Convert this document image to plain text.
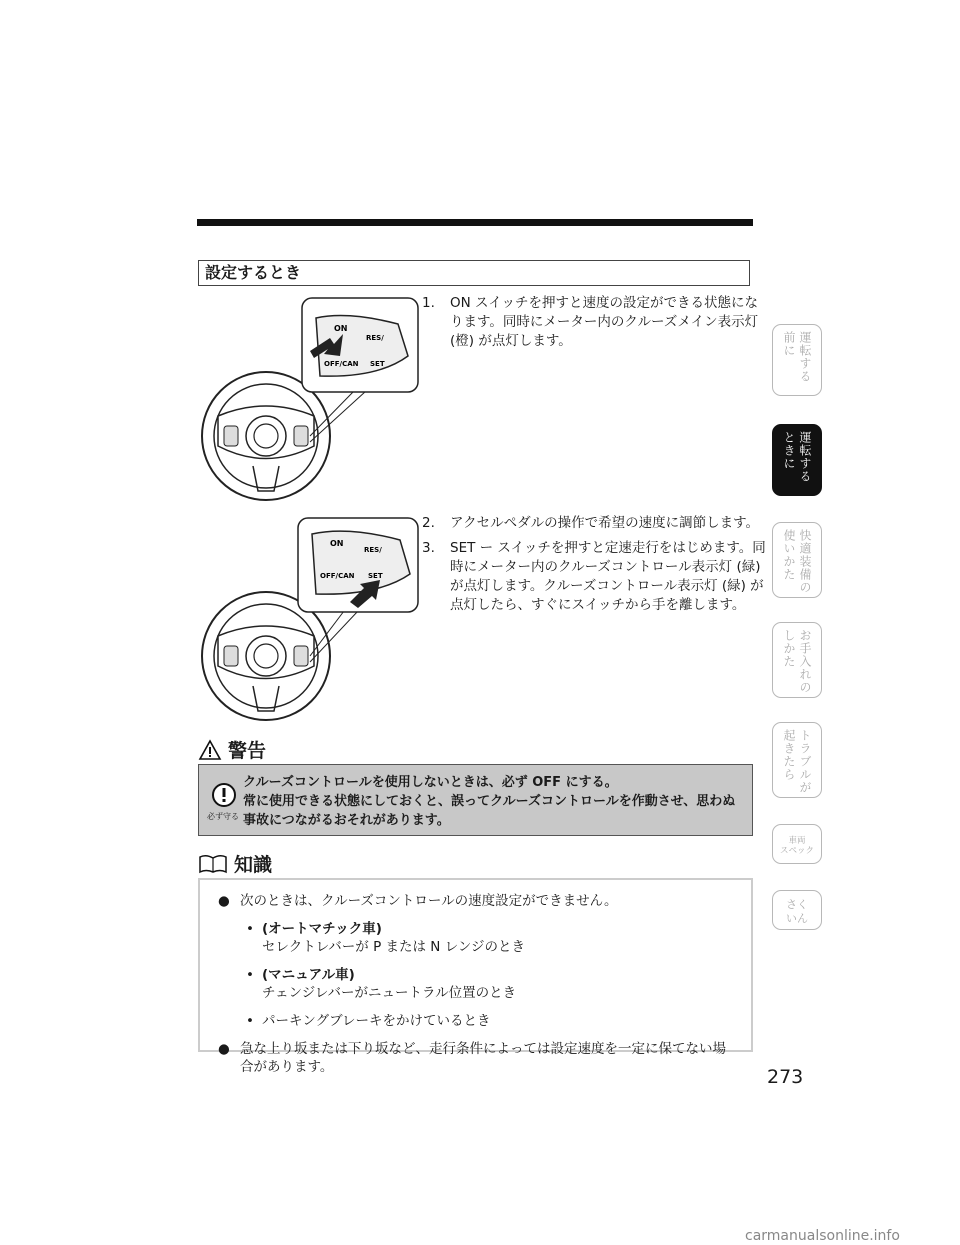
設定するとき
ON
RES/
OFF/CAN SET
ON
RES/
OFF/CAN SET
1. ON スイッチを押すと速度の設定ができる状態になります。同時にメーター内のクルーズメイン表示灯 (橙) が点灯します。
2. アクセルペダルの操作で希望の速度に調節します。
3. SET ー スイッチを押すと定速走行をはじめます。同時にメーター内のクルーズコントロール表示灯 (緑) が点灯します。クルーズコントロール表示灯 (緑) が点灯したら、すぐにスイッチから手を離します。
警告
必ず守る
クルーズコントロールを使用しないときは、必ず OFF にする。
常に使用できる状態にしておくと、誤ってクルーズコントロールを作動させ、思わぬ事故につながるおそれがあります。
知識
● 次のときは、クルーズコントロールの速度設定ができません。
• (オートマチック車)
セレクトレバーが P または N レンジのとき
• (マニュアル車)
チェンジレバーがニュートラル位置のとき
• パーキングブレーキをかけているとき
● 急な上り坂または下り坂など、走行条件によっては設定速度を一定に保てない場合があります。
運転する
前に
運転する
ときに
快適装備の
使いかた
お手入れの
しかた
トラブルが
起きたら
車両
スペック
さく
いん
273
carmanualsonline.info
